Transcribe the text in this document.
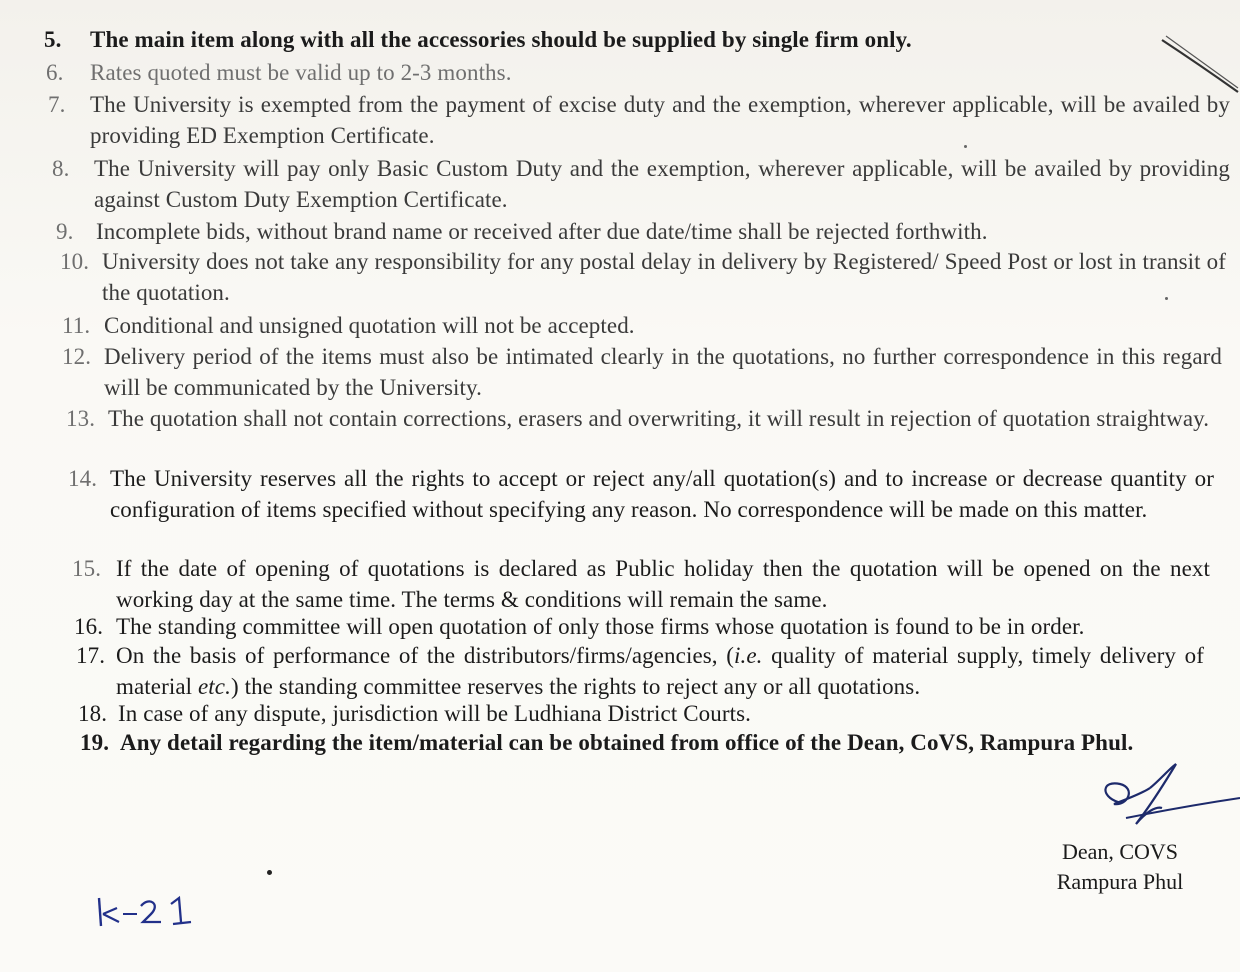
5. The main item along with all the accessories should be supplied by single firm only.
6. Rates quoted must be valid up to 2-3 months.
7. The University is exempted from the payment of excise duty and the exemption, wherever applicable, will be availed by providing ED Exemption Certificate.
8. The University will pay only Basic Custom Duty and the exemption, wherever applicable, will be availed by providing against Custom Duty Exemption Certificate.
9. Incomplete bids, without brand name or received after due date/time shall be rejected forthwith.
10. University does not take any responsibility for any postal delay in delivery by Registered/ Speed Post or lost in transit of the quotation.
11. Conditional and unsigned quotation will not be accepted.
12. Delivery period of the items must also be intimated clearly in the quotations, no further correspondence in this regard will be communicated by the University.
13. The quotation shall not contain corrections, erasers and overwriting, it will result in rejection of quotation straightway.
14. The University reserves all the rights to accept or reject any/all quotation(s) and to increase or decrease quantity or configuration of items specified without specifying any reason. No correspondence will be made on this matter.
15. If the date of opening of quotations is declared as Public holiday then the quotation will be opened on the next working day at the same time. The terms & conditions will remain the same.
16. The standing committee will open quotation of only those firms whose quotation is found to be in order.
17. On the basis of performance of the distributors/firms/agencies, (i.e. quality of material supply, timely delivery of material etc.) the standing committee reserves the rights to reject any or all quotations.
18. In case of any dispute, jurisdiction will be Ludhiana District Courts.
19. Any detail regarding the item/material can be obtained from office of the Dean, CoVS, Rampura Phul.
Dean, COVS
Rampura Phul
